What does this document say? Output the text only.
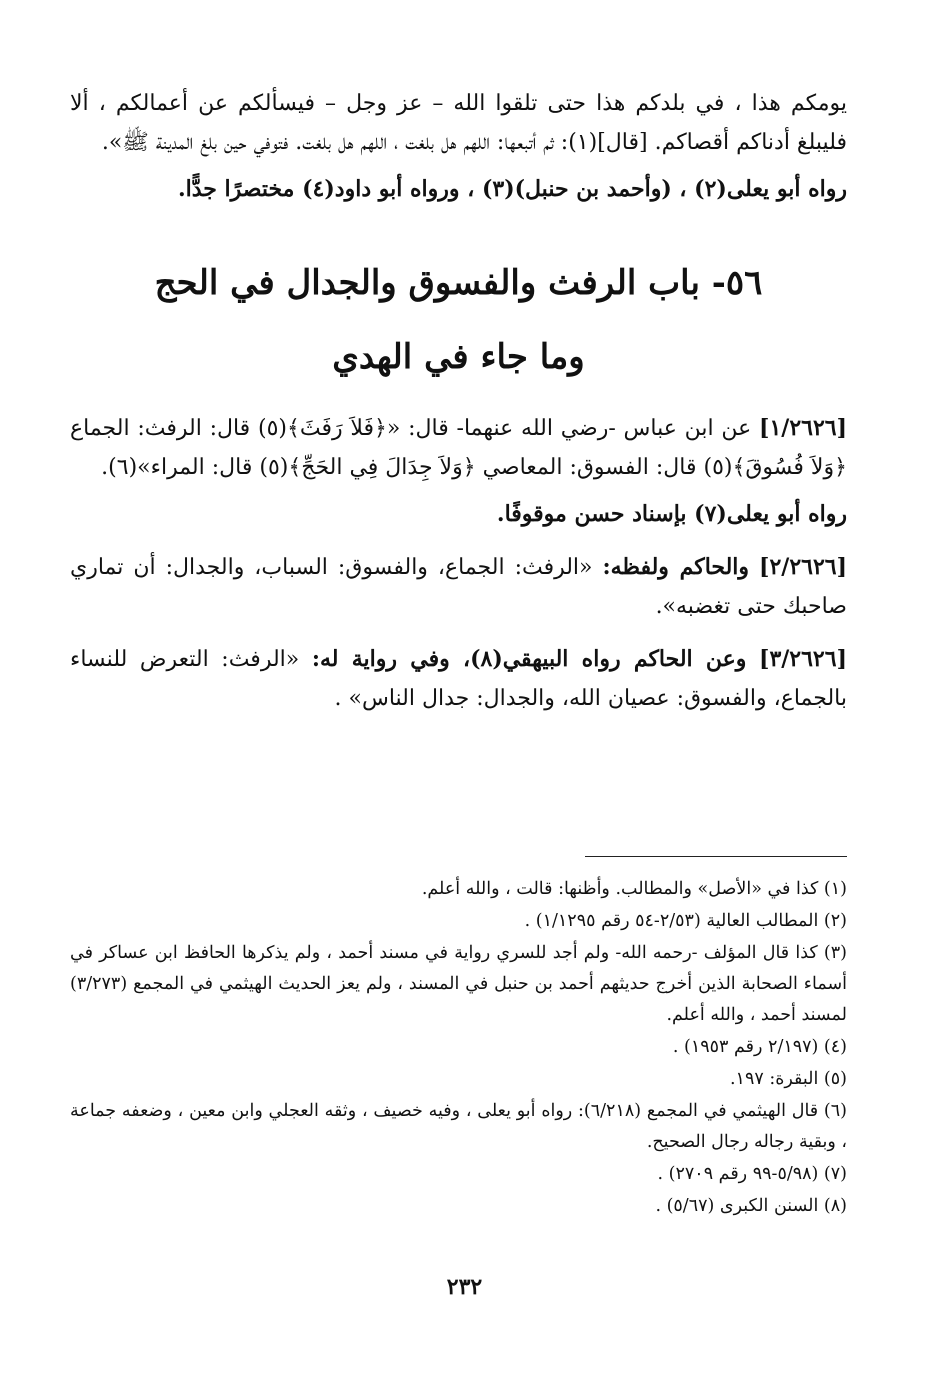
يومكم هذا ، في بلدكم هذا حتى تلقوا الله – عز وجل – فيسألكم عن أعمالكم ، ألا فليبلغ أدناكم أقصاكم. [قال](١): ثم أتبعها: اللهم هل بلغت ، اللهم هل بلغت. فتوفي حين بلغ المدينة ﷺ».

رواه أبو يعلى(٢) ، (وأحمد بن حنبل)(٣) ، ورواه أبو داود(٤) مختصرًا جدًّا.

٥٦- باب الرفث والفسوق والجدال في الحج
وما جاء في الهدي

[١/٢٦٢٦] عن ابن عباس -رضي الله عنهما- قال: «﴿فَلاَ رَفَثَ﴾(٥) قال: الرفث: الجماع ﴿وَلاَ فُسُوقَ﴾(٥) قال: الفسوق: المعاصي ﴿وَلاَ جِدَالَ فِي الحَجِّ﴾(٥) قال: المراء»(٦).

رواه أبو يعلى(٧) بإسناد حسن موقوفًا.

[٢/٢٦٢٦] والحاكم ولفظه: «الرفث: الجماع، والفسوق: السباب، والجدال: أن تماري صاحبك حتى تغضبه».

[٣/٢٦٢٦] وعن الحاكم رواه البيهقي(٨)، وفي رواية له: «الرفث: التعرض للنساء بالجماع، والفسوق: عصيان الله، والجدال: جدال الناس» .

(١) كذا في «الأصل» والمطالب. وأظنها: قالت ، والله أعلم.

(٢) المطالب العالية (٢/٥٣-٥٤ رقم ١/١٢٩٥) .

(٣) كذا قال المؤلف -رحمه الله- ولم أجد للسري رواية في مسند أحمد ، ولم يذكرها الحافظ ابن عساكر في أسماء الصحابة الذين أخرج حديثهم أحمد بن حنبل في المسند ، ولم يعز الحديث الهيثمي في المجمع (٣/٢٧٣) لمسند أحمد ، والله أعلم.

(٤) (٢/١٩٧ رقم ١٩٥٣) .

(٥) البقرة: ١٩٧.

(٦) قال الهيثمي في المجمع (٦/٢١٨): رواه أبو يعلى ، وفيه خصيف ، وثقه العجلي وابن معين ، وضعفه جماعة ، وبقية رجاله رجال الصحيح.

(٧) (٥/٩٨-٩٩ رقم ٢٧٠٩) .

(٨) السنن الكبرى (٥/٦٧) .

٢٣٢
